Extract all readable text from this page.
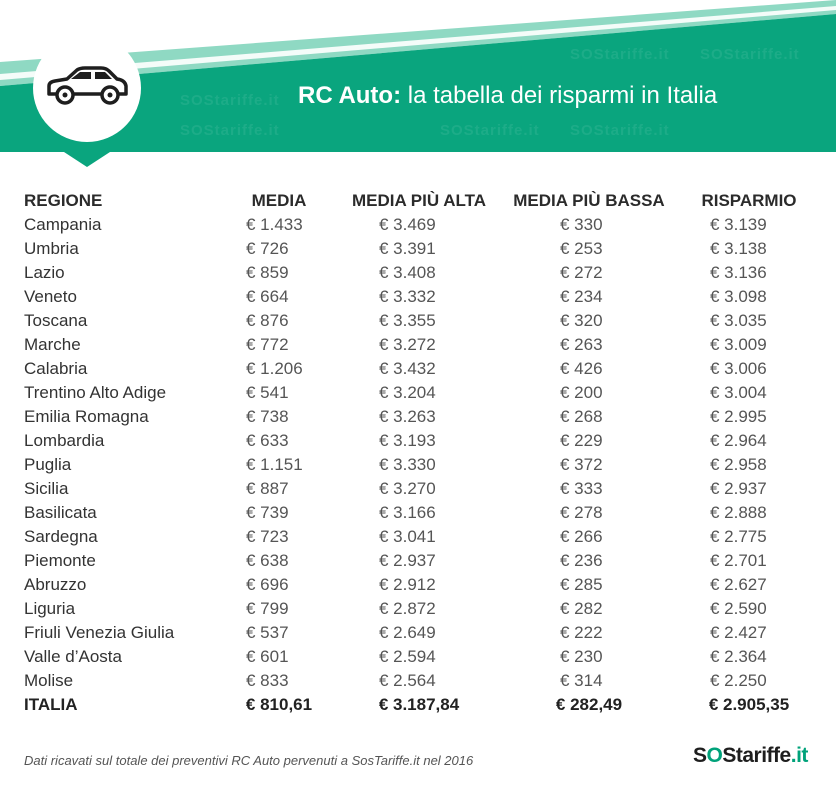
SOStariffe.it
SOStariffe.it	SOStariffe.it
SOStariffe.it
SOStariffe.it
SOStariffe.it
RC Auto: la tabella dei risparmi in Italia
REGIONE	MEDIA	MEDIA PIÙ ALTA	MEDIA PIÙ BASSA	RISPARMIO
Campania	€ 1.433	€ 3.469	€ 330	€ 3.139
Umbria	€ 726	€ 3.391	€ 253	€ 3.138
Lazio	€ 859	€ 3.408	€ 272	€ 3.136
Veneto	€ 664	€ 3.332	€ 234	€ 3.098
Toscana	€ 876	€ 3.355	€ 320	€ 3.035
Marche	€ 772	€ 3.272	€ 263	€ 3.009
Calabria	€ 1.206	€ 3.432	€ 426	€ 3.006
Trentino Alto Adige	€ 541	€ 3.204	€ 200	€ 3.004
Emilia Romagna	€ 738	€ 3.263	€ 268	€ 2.995
Lombardia	€ 633	€ 3.193	€ 229	€ 2.964
Puglia	€ 1.151	€ 3.330	€ 372	€ 2.958
Sicilia	€ 887	€ 3.270	€ 333	€ 2.937
Basilicata	€ 739	€ 3.166	€ 278	€ 2.888
Sardegna	€ 723	€ 3.041	€ 266	€ 2.775
Piemonte	€ 638	€ 2.937	€ 236	€ 2.701
Abruzzo	€ 696	€ 2.912	€ 285	€ 2.627
Liguria	€ 799	€ 2.872	€ 282	€ 2.590
Friuli Venezia Giulia	€ 537	€ 2.649	€ 222	€ 2.427
Valle d’Aosta	€ 601	€ 2.594	€ 230	€ 2.364
Molise	€ 833	€ 2.564	€ 314	€ 2.250
ITALIA	€ 810,61	€ 3.187,84	€ 282,49	€ 2.905,35
Dati ricavati sul totale dei preventivi RC Auto pervenuti a SosTariffe.it nel 2016	SOStariffe.it
